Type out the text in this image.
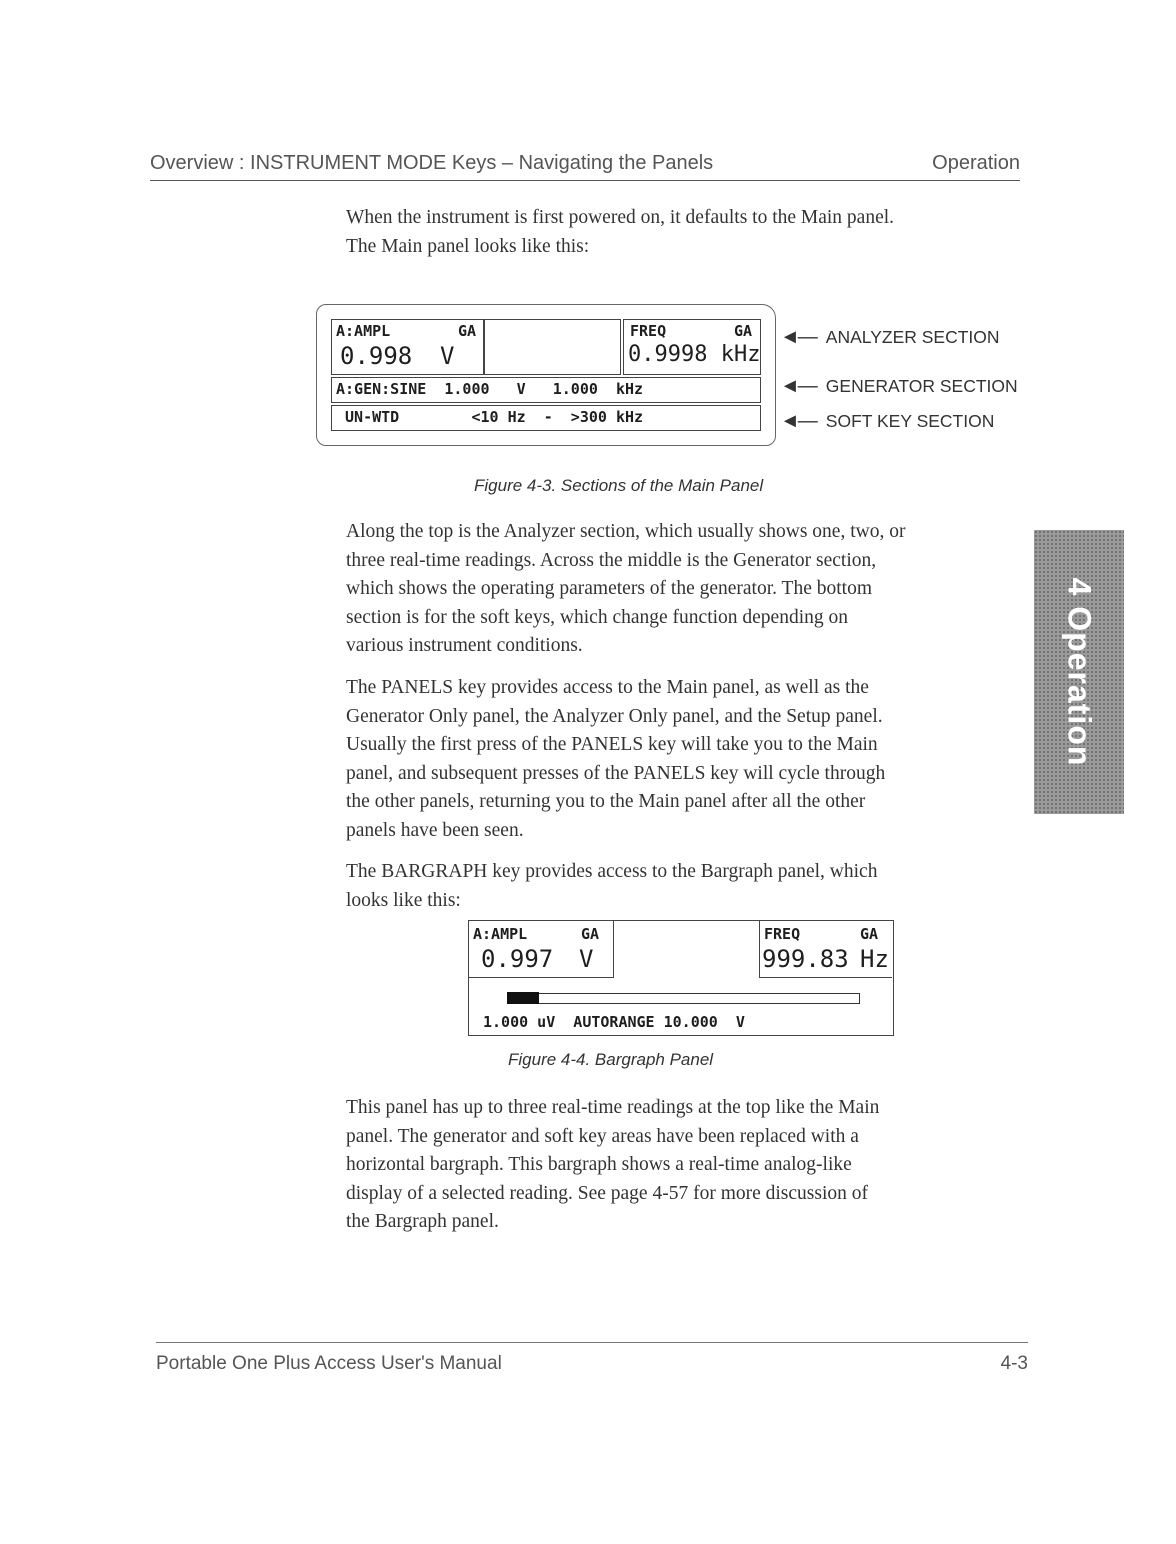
Overview : INSTRUMENT MODE Keys – Navigating the Panels	Operation

When the instrument is first powered on, it defaults to the Main panel.

The Main panel looks like this:

A:AMPL	GA
0.998 V
FREQ	GA
0.9998 kHz
A:GEN:SINE  1.000   V   1.000  kHz
UN-WTD        <10 Hz  -  >300 kHz
◄— ANALYZER SECTION
◄— GENERATOR SECTION
◄— SOFT KEY SECTION
Figure 4-3. Sections of the Main Panel

Along the top is the Analyzer section, which usually shows one, two, or

three real-time readings. Across the middle is the Generator section,

which shows the operating parameters of the generator. The bottom

section is for the soft keys, which change function depending on

various instrument conditions.

The PANELS key provides access to the Main panel, as well as the

Generator Only panel, the Analyzer Only panel, and the Setup panel.

Usually the first press of the PANELS key will take you to the Main

panel, and subsequent presses of the PANELS key will cycle through

the other panels, returning you to the Main panel after all the other

panels have been seen.

The BARGRAPH key provides access to the Bargraph panel, which

looks like this:

A:AMPL	GA
0.997 V
FREQ	GA
999.83 Hz
1.000 uV  AUTORANGE 10.000  V
Figure 4-4. Bargraph Panel

This panel has up to three real-time readings at the top like the Main

panel. The generator and soft key areas have been replaced with a

horizontal bargraph. This bargraph shows a real-time analog-like

display of a selected reading. See page 4-57 for more discussion of

the Bargraph panel.

4 Operation
Portable One Plus Access User's Manual	4-3
